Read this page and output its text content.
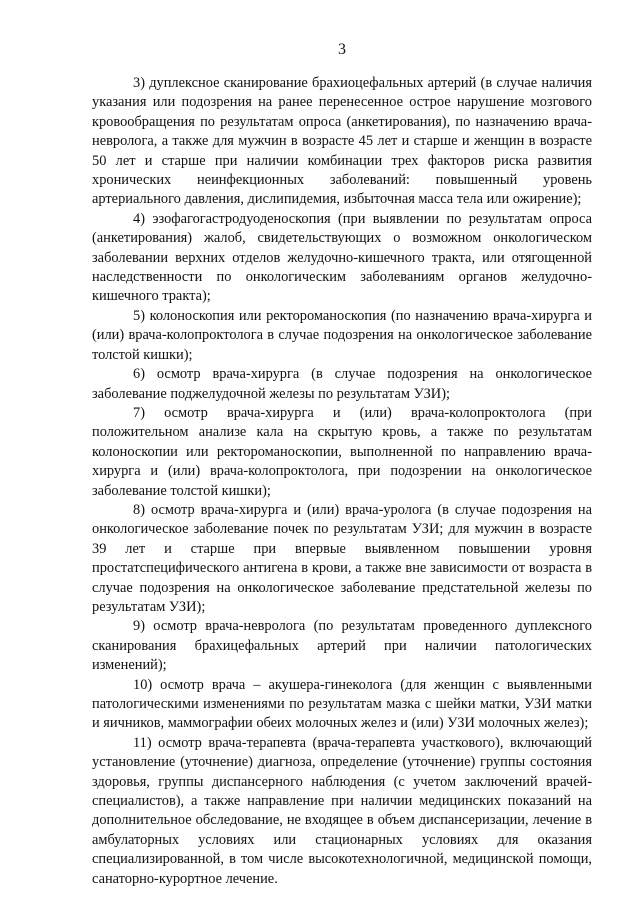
3

3) дуплексное сканирование брахиоцефальных артерий (в случае наличия указания или подозрения на ранее перенесенное острое нарушение мозгового кровообращения по результатам опроса (анкетирования), по назначению врача-невролога, а также для мужчин в возрасте 45 лет и старше и женщин в возрасте 50 лет и старше при наличии комбинации трех факторов риска развития хронических неинфекционных заболеваний: повышенный уровень артериального давления, дислипидемия, избыточная масса тела или ожирение);

4) эзофагогастродуоденоскопия (при выявлении по результатам опроса (анкетирования) жалоб, свидетельствующих о возможном онкологическом заболевании верхних отделов желудочно-кишечного тракта, или отягощенной наследственности по онкологическим заболеваниям органов желудочно-кишечного тракта);

5) колоноскопия или ректороманоскопия (по назначению врача-хирурга и (или) врача-колопроктолога в случае подозрения на онкологическое заболевание толстой кишки);

6) осмотр врача-хирурга (в случае подозрения на онкологическое заболевание поджелудочной железы по результатам УЗИ);

7) осмотр врача-хирурга и (или) врача-колопроктолога (при положительном анализе кала на скрытую кровь, а также по результатам колоноскопии или ректороманоскопии, выполненной по направлению врача-хирурга и (или) врача-колопроктолога, при подозрении на онкологическое заболевание толстой кишки);

8) осмотр врача-хирурга и (или) врача-уролога (в случае подозрения на онкологическое заболевание почек по результатам УЗИ; для мужчин в возрасте 39 лет и старше при впервые выявленном повышении уровня простатспецифического антигена в крови, а также вне зависимости от возраста в случае подозрения на онкологическое заболевание предстательной железы по результатам УЗИ);

9) осмотр врача-невролога (по результатам проведенного дуплексного сканирования брахицефальных артерий при наличии патологических изменений);

10) осмотр врача – акушера-гинеколога (для женщин с выявленными патологическими изменениями по результатам мазка с шейки матки, УЗИ матки и яичников, маммографии обеих молочных желез и (или) УЗИ молочных желез);

11) осмотр врача-терапевта (врача-терапевта участкового), включающий установление (уточнение) диагноза, определение (уточнение) группы состояния здоровья, группы диспансерного наблюдения (с учетом заключений врачей-специалистов), а также направление при наличии медицинских показаний на дополнительное обследование, не входящее в объем диспансеризации, лечение в амбулаторных условиях или стационарных условиях для оказания специализированной, в том числе высокотехнологичной, медицинской помощи, санаторно-курортное лечение.
